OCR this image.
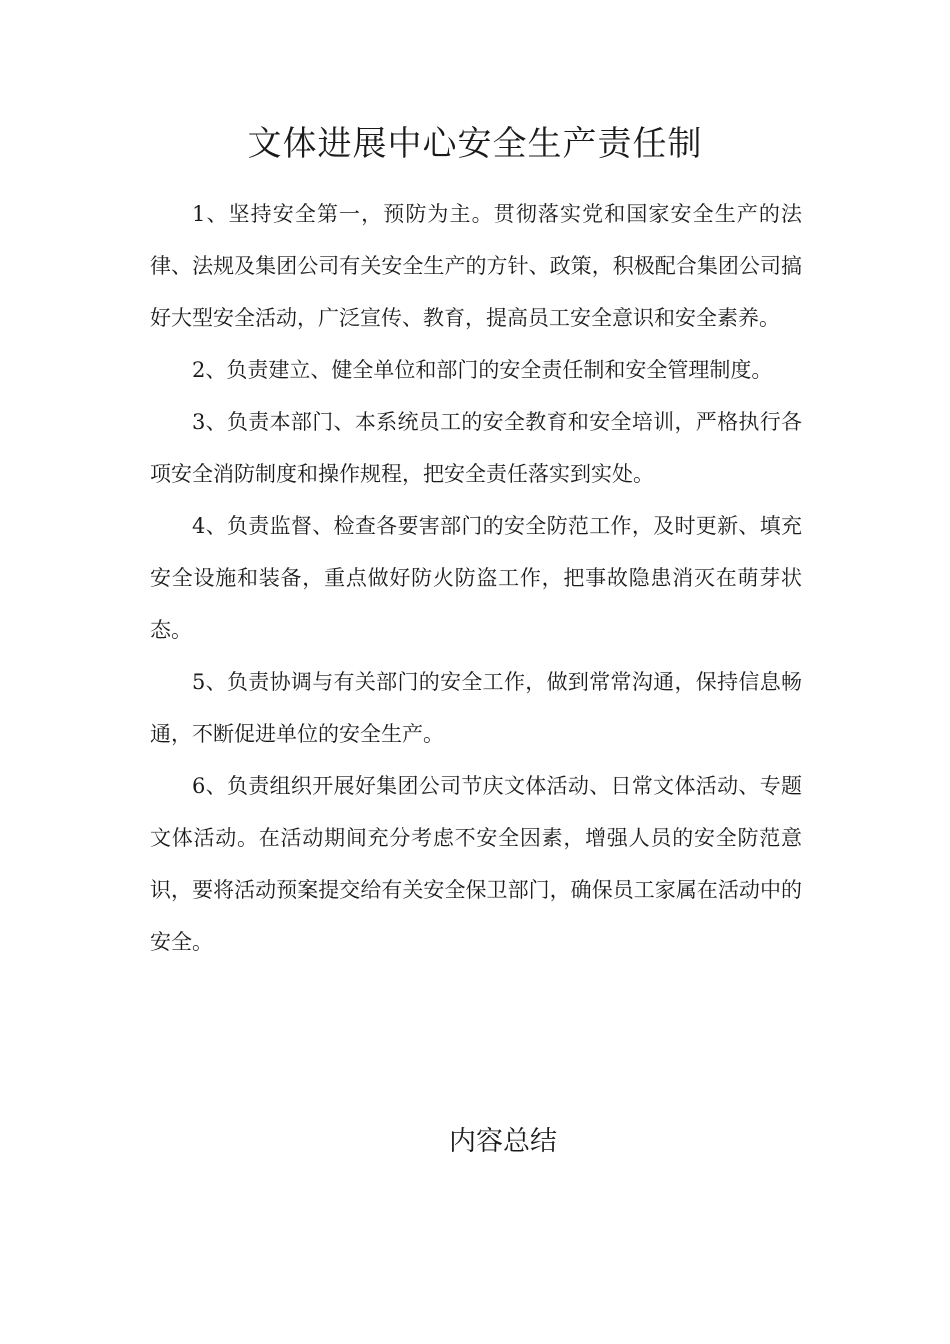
文体进展中心安全生产责任制

1、坚持安全第一，预防为主。贯彻落实党和国家安全生产的法律、法规及集团公司有关安全生产的方针、政策，积极配合集团公司搞好大型安全活动，广泛宣传、教育，提高员工安全意识和安全素养。

2、负责建立、健全单位和部门的安全责任制和安全管理制度。

3、负责本部门、本系统员工的安全教育和安全培训，严格执行各项安全消防制度和操作规程，把安全责任落实到实处。

4、负责监督、检查各要害部门的安全防范工作，及时更新、填充安全设施和装备，重点做好防火防盗工作，把事故隐患消灭在萌芽状态。

5、负责协调与有关部门的安全工作，做到常常沟通，保持信息畅通，不断促进单位的安全生产。

6、负责组织开展好集团公司节庆文体活动、日常文体活动、专题文体活动。在活动期间充分考虑不安全因素，增强人员的安全防范意识，要将活动预案提交给有关安全保卫部门，确保员工家属在活动中的安全。

内容总结
